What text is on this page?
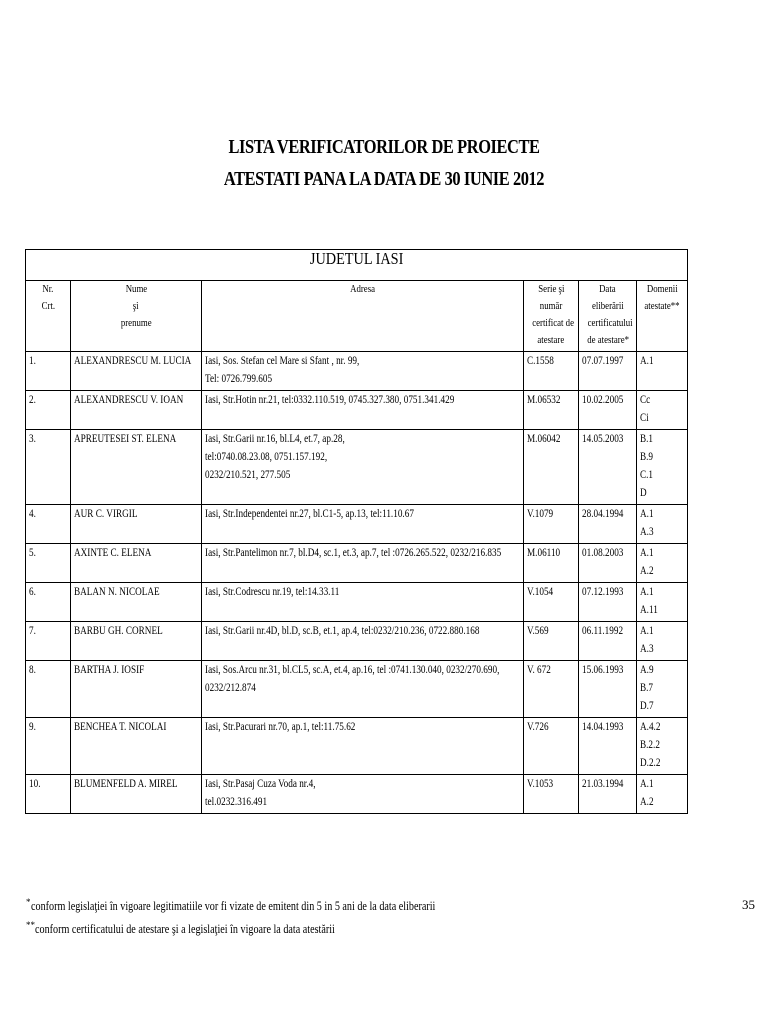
LISTA VERIFICATORILOR DE PROIECTE
ATESTATI PANA LA DATA DE 30 IUNIE 2012
JUDETUL IASI					

Nr.
Crt.	Nume
şi
prenume	Adresa	Serie şi
număr
certificat de
atestare	Data
eliberării
certificatului
de atestare*	Domenii
atestate**

1.	ALEXANDRESCU M. LUCIA	Iasi, Sos. Stefan cel Mare si Sfant , nr. 99,
Tel: 0726.799.605	C.1558	07.07.1997	A.1

2.	ALEXANDRESCU V. IOAN	Iasi, Str.Hotin nr.21, tel:0332.110.519, 0745.327.380, 0751.341.429	M.06532	10.02.2005	Cc
Ci

3.	APREUTESEI ST. ELENA	Iasi, Str.Garii nr.16, bl.L4, et.7, ap.28,
tel:0740.08.23.08, 0751.157.192,
0232/210.521, 277.505	M.06042	14.05.2003	B.1
B.9
C.1
D

4.	AUR C. VIRGIL	Iasi, Str.Independentei nr.27, bl.C1-5, ap.13, tel:11.10.67	V.1079	28.04.1994	A.1
A.3

5.	AXINTE C. ELENA	Iasi, Str.Pantelimon nr.7, bl.D4, sc.1, et.3, ap.7, tel :0726.265.522, 0232/216.835	M.06110	01.08.2003	A.1
A.2

6.	BALAN N. NICOLAE	Iasi, Str.Codrescu nr.19, tel:14.33.11	V.1054	07.12.1993	A.1
A.11

7.	BARBU GH. CORNEL	Iasi, Str.Garii nr.4D, bl.D, sc.B, et.1, ap.4, tel:0232/210.236, 0722.880.168	V.569	06.11.1992	A.1
A.3

8.	BARTHA J. IOSIF	Iasi, Sos.Arcu nr.31, bl.CL5, sc.A, et.4, ap.16, tel :0741.130.040, 0232/270.690,
0232/212.874	V. 672	15.06.1993	A.9
B.7
D.7

9.	BENCHEA T. NICOLAI	Iasi, Str.Pacurari nr.70, ap.1, tel:11.75.62	V.726	14.04.1993	A.4.2
B.2.2
D.2.2

10.	BLUMENFELD A. MIREL	Iasi, Str.Pasaj Cuza Voda nr.4,
tel.0232.316.491	V.1053	21.03.1994	A.1
A.2
*conform legislaţiei în vigoare legitimatiile vor fi vizate de emitent din 5 in 5 ani de la data eliberarii
**conform certificatului de atestare şi a legislaţiei în vigoare la data atestării
35
